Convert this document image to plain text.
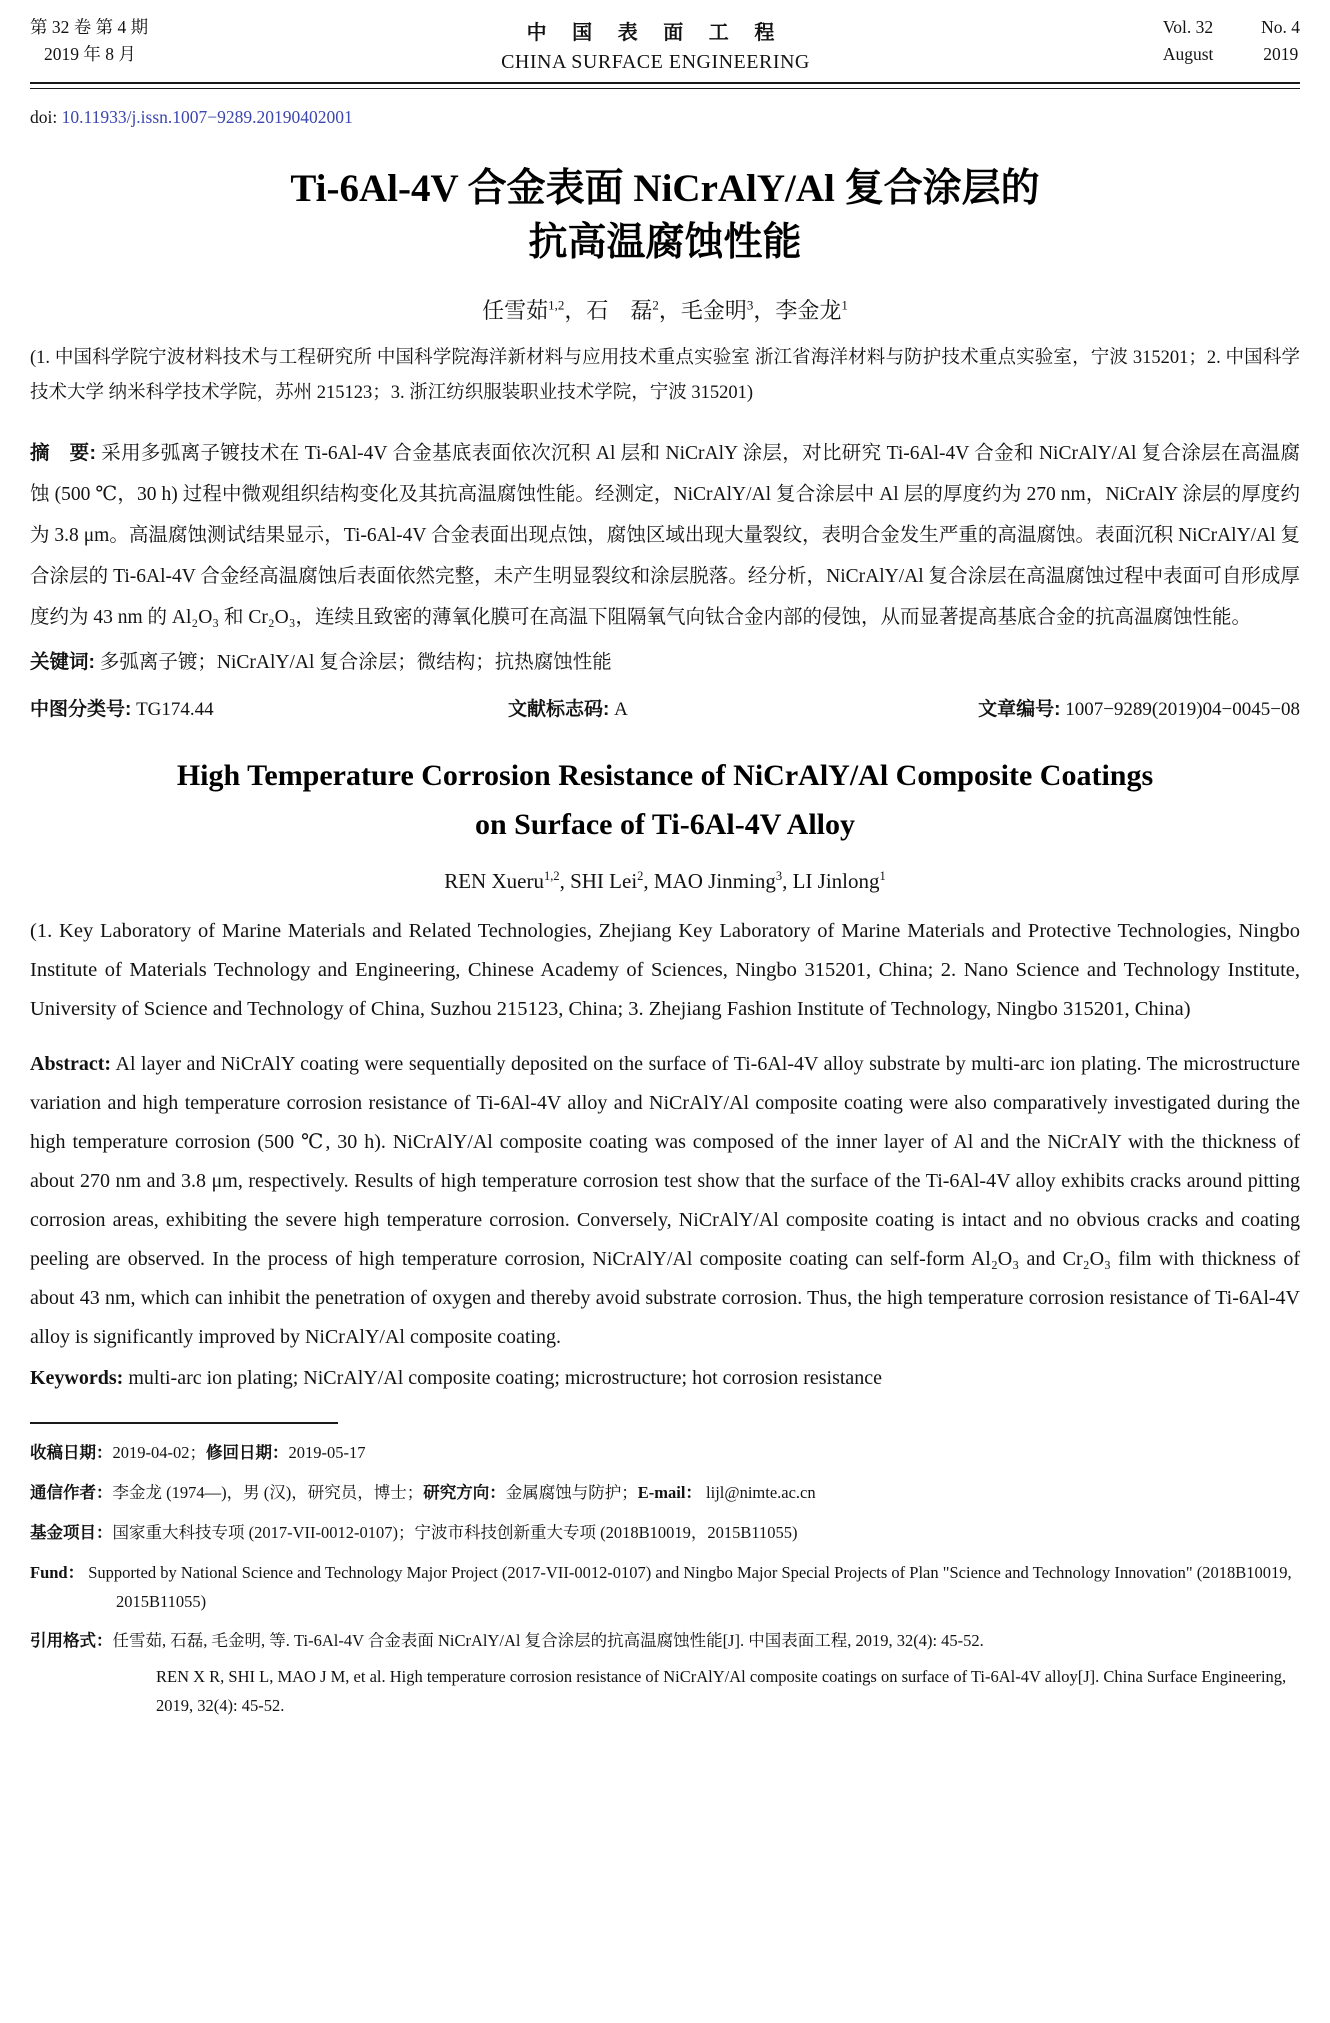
第 32 卷 第 4 期
2019 年 8 月
中 国 表 面 工 程
CHINA SURFACE ENGINEERING
Vol. 32	No. 4
August	2019
doi: 10.11933/j.issn.1007−9289.20190402001
Ti-6Al-4V 合金表面 NiCrAlY/Al 复合涂层的
抗高温腐蚀性能
任雪茹$^{1,2}$，石　磊$^2$，毛金明$^3$，李金龙$^1$

(1. 中国科学院宁波材料技术与工程研究所 中国科学院海洋新材料与应用技术重点实验室 浙江省海洋材料与防护技术重点实验室，宁波 315201；2. 中国科学技术大学 纳米科学技术学院，苏州 215123；3. 浙江纺织服装职业技术学院，宁波 315201)

摘　要: 采用多弧离子镀技术在 Ti-6Al-4V 合金基底表面依次沉积 Al 层和 NiCrAlY 涂层，对比研究 Ti-6Al-4V 合金和 NiCrAlY/Al 复合涂层在高温腐蚀 (500 ℃，30 h) 过程中微观组织结构变化及其抗高温腐蚀性能。经测定，NiCrAlY/Al 复合涂层中 Al 层的厚度约为 270 nm，NiCrAlY 涂层的厚度约为 3.8 μm。高温腐蚀测试结果显示，Ti-6Al-4V 合金表面出现点蚀，腐蚀区域出现大量裂纹，表明合金发生严重的高温腐蚀。表面沉积 NiCrAlY/Al 复合涂层的 Ti-6Al-4V 合金经高温腐蚀后表面依然完整，未产生明显裂纹和涂层脱落。经分析，NiCrAlY/Al 复合涂层在高温腐蚀过程中表面可自形成厚度约为 43 nm 的 Al₂O₃ 和 Cr₂O₃，连续且致密的薄氧化膜可在高温下阻隔氧气向钛合金内部的侵蚀，从而显著提高基底合金的抗高温腐蚀性能。

关键词: 多弧离子镀；NiCrAlY/Al 复合涂层；微结构；抗热腐蚀性能

中图分类号: TG174.44	文献标志码: A	文章编号: 1007−9289(2019)04−0045−08
High Temperature Corrosion Resistance of NiCrAlY/Al Composite Coatings
on Surface of Ti-6Al-4V Alloy
REN Xueru$^{1,2}$, SHI Lei$^2$, MAO Jinming$^3$, LI Jinlong$^1$

(1. Key Laboratory of Marine Materials and Related Technologies, Zhejiang Key Laboratory of Marine Materials and Protective Technologies, Ningbo Institute of Materials Technology and Engineering, Chinese Academy of Sciences, Ningbo 315201, China; 2. Nano Science and Technology Institute, University of Science and Technology of China, Suzhou 215123, China; 3. Zhejiang Fashion Institute of Technology, Ningbo 315201, China)

Abstract: Al layer and NiCrAlY coating were sequentially deposited on the surface of Ti-6Al-4V alloy substrate by multi-arc ion plating. The microstructure variation and high temperature corrosion resistance of Ti-6Al-4V alloy and NiCrAlY/Al composite coating were also comparatively investigated during the high temperature corrosion (500 ℃, 30 h). NiCrAlY/Al composite coating was composed of the inner layer of Al and the NiCrAlY with the thickness of about 270 nm and 3.8 μm, respectively. Results of high temperature corrosion test show that the surface of the Ti-6Al-4V alloy exhibits cracks around pitting corrosion areas, exhibiting the severe high temperature corrosion. Conversely, NiCrAlY/Al composite coating is intact and no obvious cracks and coating peeling are observed. In the process of high temperature corrosion, NiCrAlY/Al composite coating can self-form Al₂O₃ and Cr₂O₃ film with thickness of about 43 nm, which can inhibit the penetration of oxygen and thereby avoid substrate corrosion. Thus, the high temperature corrosion resistance of Ti-6Al-4V alloy is significantly improved by NiCrAlY/Al composite coating.

Keywords: multi-arc ion plating; NiCrAlY/Al composite coating; microstructure; hot corrosion resistance

收稿日期：2019-04-02；修回日期：2019-05-17
通信作者：李金龙 (1974—)，男 (汉)，研究员，博士；研究方向：金属腐蚀与防护；E-mail： lijl@nimte.ac.cn
基金项目：国家重大科技专项 (2017-VII-0012-0107)；宁波市科技创新重大专项 (2018B10019，2015B11055)
Fund： Supported by National Science and Technology Major Project (2017-VII-0012-0107) and Ningbo Major Special Projects of Plan "Science and Technology Innovation" (2018B10019, 2015B11055)
引用格式：任雪茹, 石磊, 毛金明, 等. Ti-6Al-4V 合金表面 NiCrAlY/Al 复合涂层的抗高温腐蚀性能[J]. 中国表面工程, 2019, 32(4): 45-52.
REN X R, SHI L, MAO J M, et al. High temperature corrosion resistance of NiCrAlY/Al composite coatings on surface of Ti-6Al-4V alloy[J]. China Surface Engineering, 2019, 32(4): 45-52.
